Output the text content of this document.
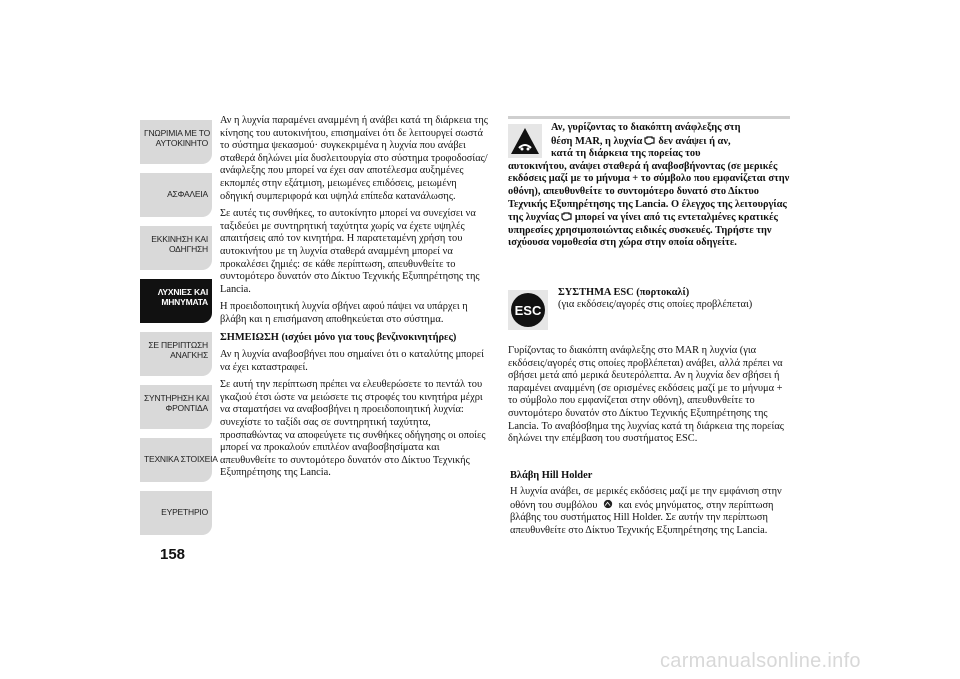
ΓΝΩΡΙΜΙΑ ΜΕ ΤΟ
ΑΥΤΟΚΙΝΗΤΟ
ΑΣΦΑΛΕΙΑ
ΕΚΚΙΝΗΣΗ ΚΑΙ
ΟΔΗΓΗΣΗ
ΛΥΧΝΙΕΣ ΚΑΙ
ΜΗΝΥΜΑΤΑ
ΣΕ ΠΕΡΙΠΤΩΣΗ
ΑΝΑΓΚΗΣ
ΣΥΝΤΗΡΗΣΗ ΚΑΙ
ΦΡΟΝΤΙΔΑ
ΤΕΧΝΙΚΑ ΣΤΟΙΧΕΙΑ
ΕΥΡΕΤΗΡΙΟ
158

Αν η λυχνία παραμένει αναμμένη ή ανάβει κατά τη διάρκεια της κίνησης του αυτοκινήτου, επισημαίνει ότι δε λειτουργεί σωστά το σύστημα ψεκασμού· συγκεκριμένα η λυχνία που ανάβει σταθερά δηλώνει μία δυσλειτουργία στο σύστημα τροφοδοσίας/ανάφλεξης που μπορεί να έχει σαν αποτέλεσμα αυξημένες εκπομπές στην εξάτμιση, μειωμένες επιδόσεις, μειωμένη οδηγική συμπεριφορά και υψηλά επίπεδα κατανάλωσης.

Σε αυτές τις συνθήκες, το αυτοκίνητο μπορεί να συνεχίσει να ταξιδεύει με συντηρητική ταχύτητα χωρίς να έχετε υψηλές απαιτήσεις από τον κινητήρα. Η παρατεταμένη χρήση του αυτοκινήτου με τη λυχνία σταθερά αναμμένη μπορεί να προκαλέσει ζημιές: σε κάθε περίπτωση, απευθυνθείτε το συντομότερο δυνατόν στο Δίκτυο Τεχνικής Εξυπηρέτησης της Lancia.

Η προειδοποιητική λυχνία σβήνει αφού πάψει να υπάρχει η βλάβη και η επισήμανση αποθηκεύεται στο σύστημα.

ΣΗΜΕΙΩΣΗ (ισχύει μόνο για τους βενζινοκινητήρες)

Αν η λυχνία αναβοσβήνει που σημαίνει ότι ο καταλύτης μπορεί να έχει καταστραφεί.

Σε αυτή την περίπτωση πρέπει να ελευθερώσετε το πεντάλ του γκαζιού έτσι ώστε να μειώσετε τις στροφές του κινητήρα μέχρι να σταματήσει να αναβοσβήνει η προειδοποιητική λυχνία: συνεχίστε το ταξίδι σας σε συντηρητική ταχύτητα, προσπαθώντας να αποφεύγετε τις συνθήκες οδήγησης οι οποίες μπορεί να προκαλούν επιπλέον αναβοσβησίματα και απευθυνθείτε το συντομότερο δυνατόν στο Δίκτυο Τεχνικής Εξυπηρέτησης της Lancia.

Αν, γυρίζοντας το διακόπτη ανάφλεξης στη
θέση MAR, η λυχνία δεν ανάψει ή αν,
κατά τη διάρκεια της πορείας του
αυτοκινήτου, ανάψει σταθερά ή αναβοσβήνοντας (σε μερικές εκδόσεις μαζί με το μήνυμα + το σύμβολο που εμφανίζεται στην οθόνη), απευθυνθείτε το συντομότερο δυνατό στο Δίκτυο Τεχνικής Εξυπηρέτησης της Lancia. Ο έλεγχος της λειτουργίας της λυχνίας μπορεί να γίνει από τις εντεταλμένες κρατικές υπηρεσίες χρησιμοποιώντας ειδικές συσκευές. Τηρήστε την ισχύουσα νομοθεσία στη χώρα στην οποία οδηγείτε.
ESC
ΣΥΣΤΗΜΑ ESC (πορτοκαλί)
(για εκδόσεις/αγορές στις οποίες προβλέπεται)

Γυρίζοντας το διακόπτη ανάφλεξης στο MAR η λυχνία (για εκδόσεις/αγορές στις οποίες προβλέπεται) ανάβει, αλλά πρέπει να σβήσει μετά από μερικά δευτερόλεπτα. Αν η λυχνία δεν σβήσει ή παραμένει αναμμένη (σε ορισμένες εκδόσεις μαζί με το μήνυμα + το σύμβολο που εμφανίζεται στην οθόνη), απευθυνθείτε το συντομότερο δυνατόν στο Δίκτυο Τεχνικής Εξυπηρέτησης της Lancia. Το αναβόσβημα της λυχνίας κατά τη διάρκεια της πορείας δηλώνει την επέμβαση του συστήματος ESC.

Βλάβη Hill Holder

Η λυχνία ανάβει, σε μερικές εκδόσεις μαζί με την εμφάνιση στην οθόνη του συμβόλου και ενός μηνύματος, στην περίπτωση βλάβης του συστήματος Hill Holder. Σε αυτήν την περίπτωση απευθυνθείτε στο Δίκτυο Τεχνικής Εξυπηρέτησης της Lancia.

carmanualsonline.info
